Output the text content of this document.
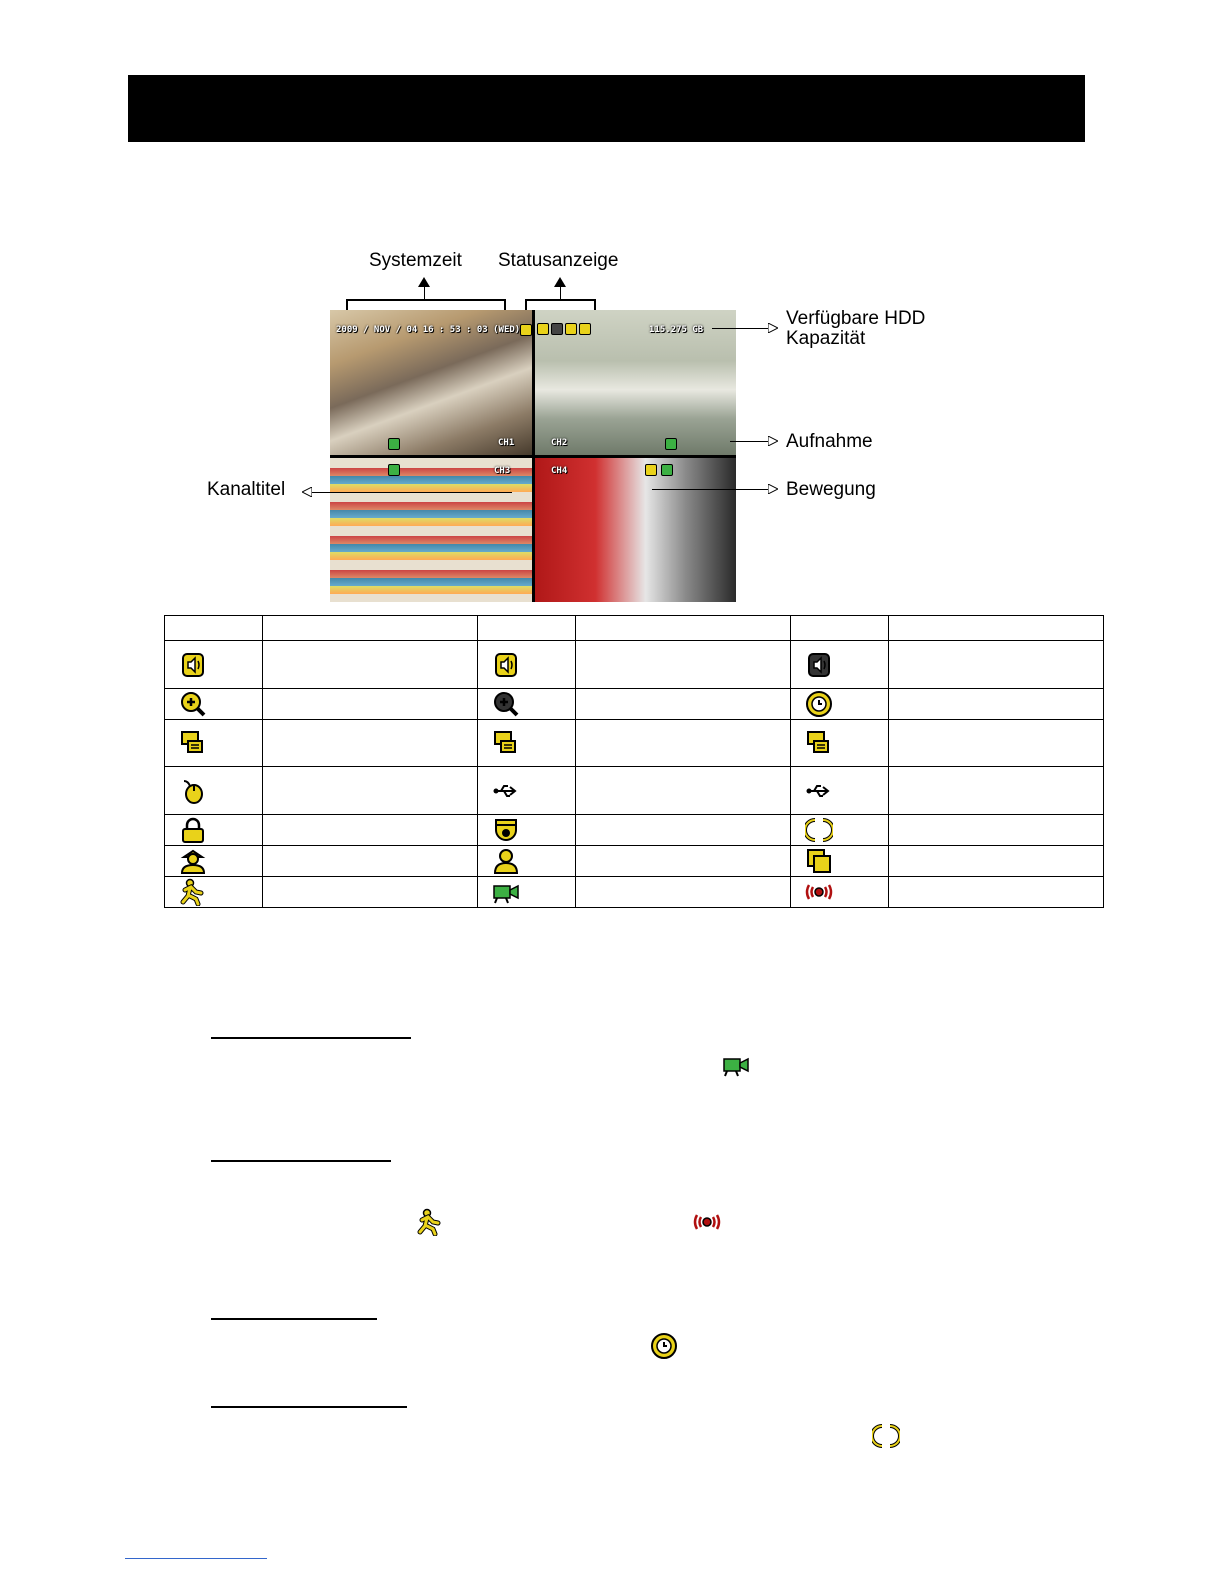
Systemzeit Statusanzeige
2009 / NOV / 04 16 : 53 : 03 (WED)
CH1
115.275 GB
CH2
CH3	CH4
Verfügbare HDD
Kapazität
Aufnahme
Bewegung
Kanaltitel
